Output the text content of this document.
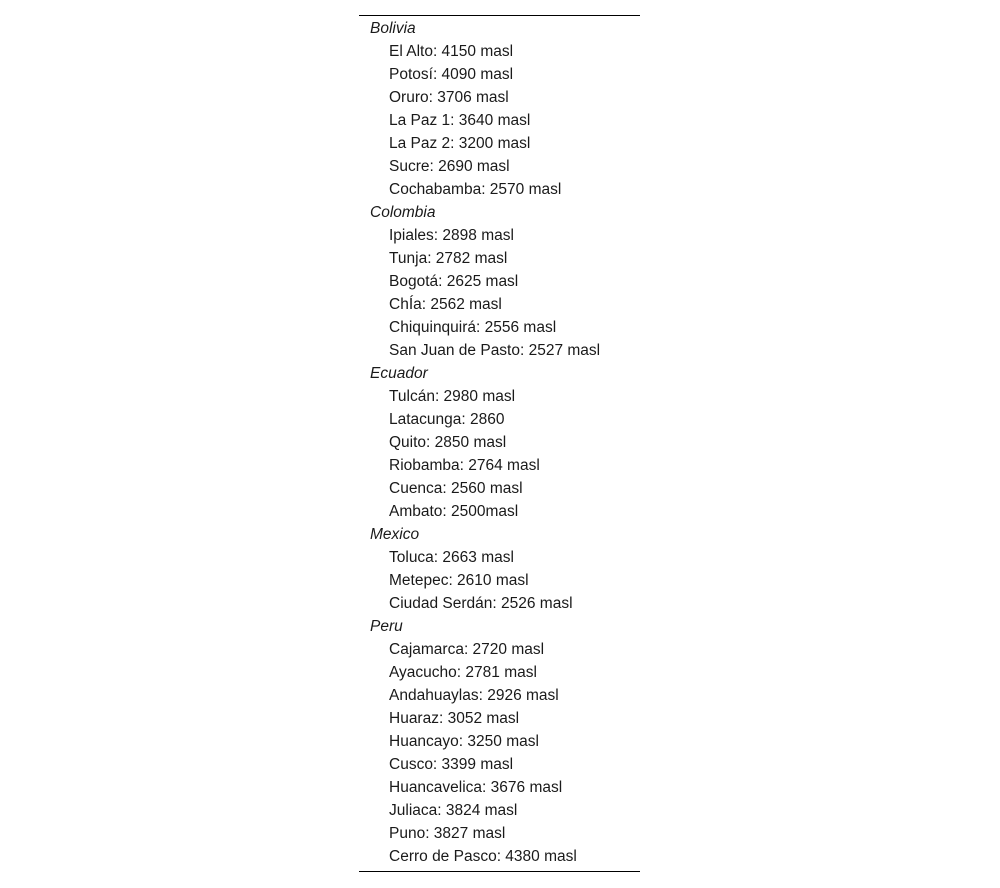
Bolivia
El Alto: 4150 masl
Potosí: 4090 masl
Oruro: 3706 masl
La Paz 1: 3640 masl
La Paz 2: 3200 masl
Sucre: 2690 masl
Cochabamba: 2570 masl
Colombia
Ipiales: 2898 masl
Tunja: 2782 masl
Bogotá: 2625 masl
ChÍa: 2562 masl
Chiquinquirá: 2556 masl
San Juan de Pasto: 2527 masl
Ecuador
Tulcán: 2980 masl
Latacunga: 2860
Quito: 2850 masl
Riobamba: 2764 masl
Cuenca: 2560 masl
Ambato: 2500masl
Mexico
Toluca: 2663 masl
Metepec: 2610 masl
Ciudad Serdán: 2526 masl
Peru
Cajamarca: 2720 masl
Ayacucho: 2781 masl
Andahuaylas: 2926 masl
Huaraz: 3052 masl
Huancayo: 3250 masl
Cusco: 3399 masl
Huancavelica: 3676 masl
Juliaca: 3824 masl
Puno: 3827 masl
Cerro de Pasco: 4380 masl
